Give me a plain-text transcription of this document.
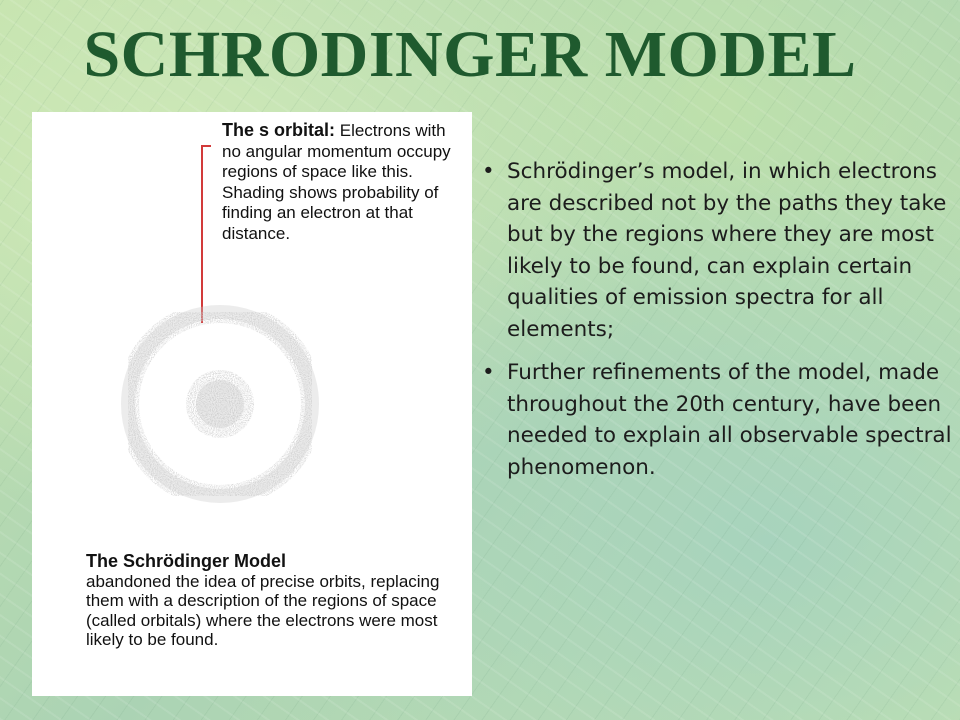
SCHRODINGER MODEL

The s orbital: Electrons with no angular momentum occupy regions of space like this. Shading shows probability of finding an electron at that distance.

The Schrödinger Model
abandoned the idea of precise orbits, replacing them with a description of the regions of space (called orbitals) where the electrons were most likely to be found.

• Schrödinger’s model, in which electrons are described not by the paths they take but by the regions where they are most likely to be found, can explain certain qualities of emission spectra for all elements;
• Further refinements of the model, made throughout the 20th century, have been needed to explain all observable spectral phenomenon.
